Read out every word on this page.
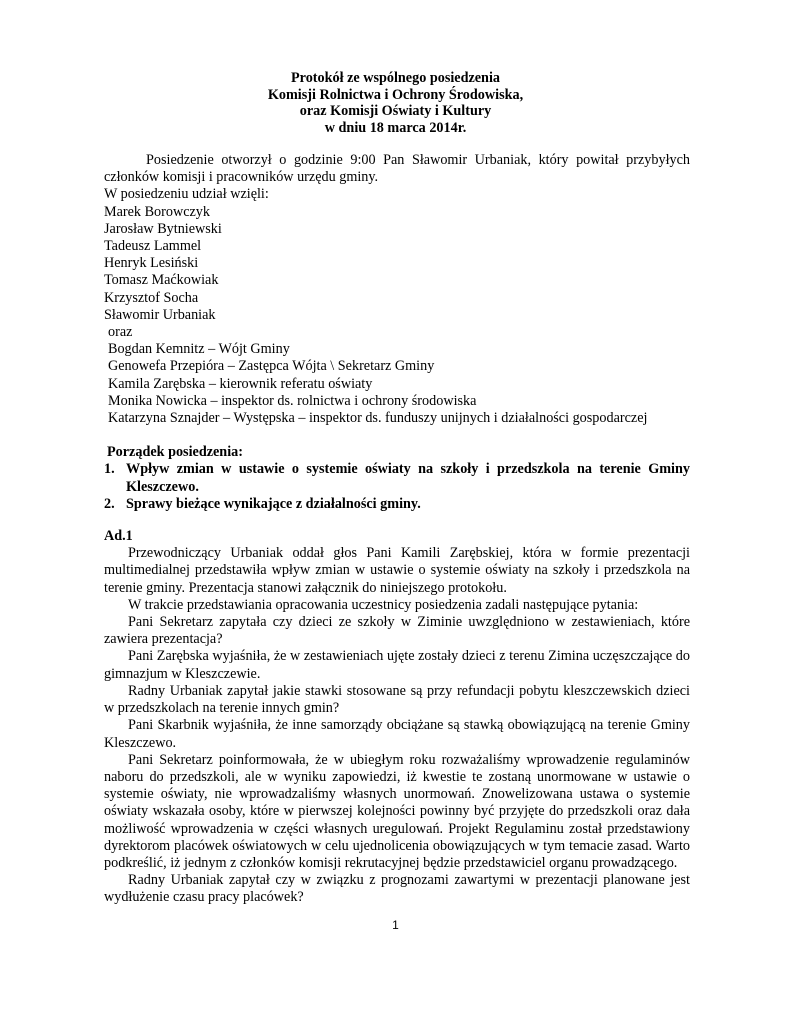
Protokół ze wspólnego posiedzenia
Komisji Rolnictwa i Ochrony Środowiska,
oraz Komisji Oświaty i Kultury
w dniu 18 marca 2014r.

Posiedzenie otworzył o godzinie 9:00 Pan Sławomir Urbaniak, który powitał przybyłych członków komisji i pracowników urzędu gminy.

W posiedzeniu udział wzięli:

Marek Borowczyk
Jarosław Bytniewski
Tadeusz Lammel
Henryk Lesiński
Tomasz Maćkowiak
Krzysztof Socha
Sławomir Urbaniak
oraz
Bogdan Kemnitz – Wójt Gminy
Genowefa Przepióra – Zastępca Wójta \ Sekretarz Gminy
Kamila Zarębska – kierownik referatu oświaty
Monika Nowicka – inspektor ds. rolnictwa i ochrony środowiska
Katarzyna Sznajder – Występska – inspektor ds. funduszy unijnych i działalności gospodarczej
Porządek posiedzenia:
1. Wpływ zmian w ustawie o systemie oświaty na szkoły i przedszkola na terenie Gminy Kleszczewo.
2. Sprawy bieżące wynikające z działalności gminy.
Ad.1

Przewodniczący Urbaniak oddał głos Pani Kamili Zarębskiej, która w formie prezentacji multimedialnej przedstawiła wpływ zmian w ustawie o systemie oświaty na szkoły i przedszkola na terenie gminy. Prezentacja stanowi załącznik do niniejszego protokołu.

W trakcie przedstawiania opracowania uczestnicy posiedzenia zadali następujące pytania:

Pani Sekretarz zapytała czy dzieci ze szkoły w Ziminie uwzględniono w zestawieniach, które zawiera prezentacja?

Pani Zarębska wyjaśniła, że w zestawieniach ujęte zostały dzieci z terenu Zimina uczęszczające do gimnazjum w Kleszczewie.

Radny Urbaniak zapytał jakie stawki stosowane są przy refundacji pobytu kleszczewskich dzieci w przedszkolach na terenie innych gmin?

Pani Skarbnik wyjaśniła, że inne samorządy obciążane są stawką obowiązującą na terenie Gminy Kleszczewo.

Pani Sekretarz poinformowała, że w ubiegłym roku rozważaliśmy wprowadzenie regulaminów naboru do przedszkoli, ale w wyniku zapowiedzi, iż kwestie te zostaną unormowane w ustawie o systemie oświaty, nie wprowadzaliśmy własnych unormowań. Znowelizowana ustawa o systemie oświaty wskazała osoby, które w pierwszej kolejności powinny być przyjęte do przedszkoli oraz dała możliwość wprowadzenia w części własnych uregulowań. Projekt Regulaminu został przedstawiony dyrektorom placówek oświatowych w celu ujednolicenia obowiązujących w tym temacie zasad. Warto podkreślić, iż jednym z członków komisji rekrutacyjnej będzie przedstawiciel organu prowadzącego.

Radny Urbaniak zapytał czy w związku z prognozami zawartymi w prezentacji planowane jest wydłużenie czasu pracy placówek?

1
